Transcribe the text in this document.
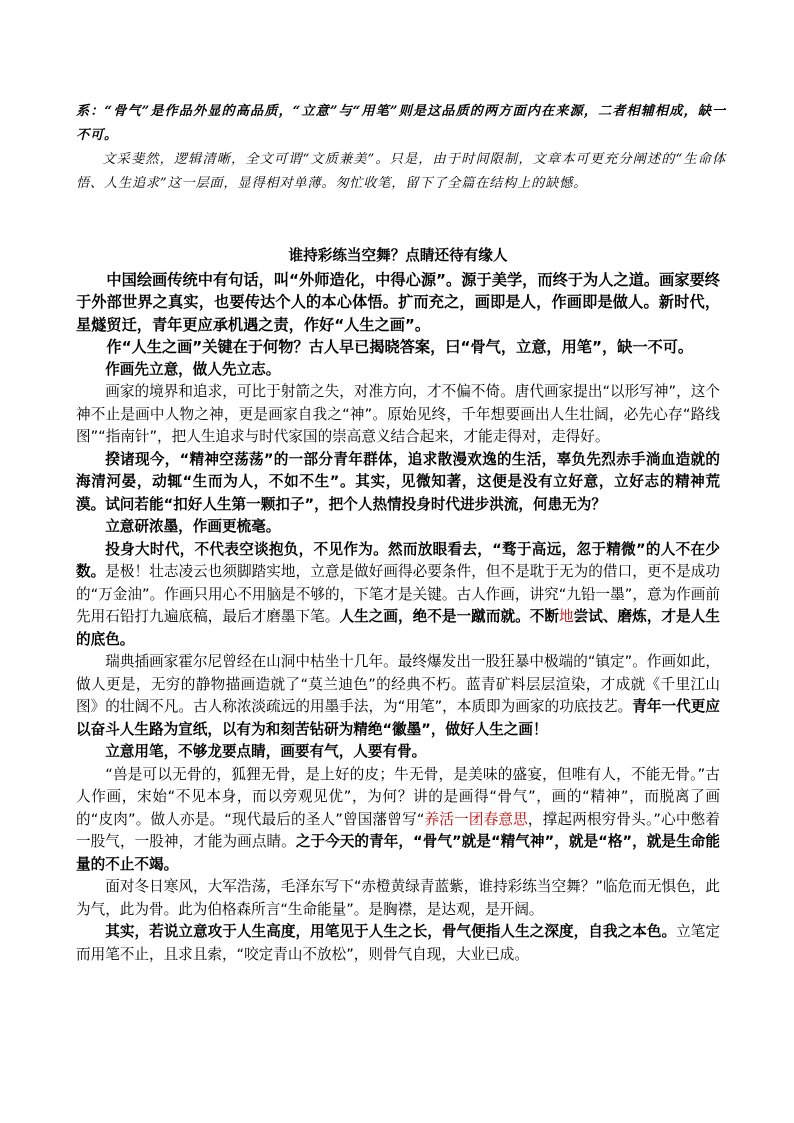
系：“骨气”是作品外显的高品质，“立意”与“用笔”则是这品质的两方面内在来源，二者相辅相成，缺一不可。

文采斐然，逻辑清晰，全文可谓“文质兼美”。只是，由于时间限制，文章本可更充分阐述的“生命体悟、人生追求”这一层面，显得相对单薄。匆忙收笔，留下了全篇在结构上的缺憾。

谁持彩练当空舞？点睛还待有缘人

中国绘画传统中有句话，叫“外师造化，中得心源”。源于美学，而终于为人之道。画家要终于外部世界之真实，也要传达个人的本心体悟。扩而充之，画即是人，作画即是做人。新时代，星燧贸迁，青年更应承机遇之责，作好“人生之画”。

作“人生之画”关键在于何物？古人早已揭晓答案，曰“骨气，立意，用笔”，缺一不可。

作画先立意，做人先立志。

画家的境界和追求，可比于射箭之失，对准方向，才不偏不倚。唐代画家提出“以形写神”，这个神不止是画中人物之神，更是画家自我之“神”。原始见终，千年想要画出人生壮阔，必先心存“路线图”“指南针”，把人生追求与时代家国的崇高意义结合起来，才能走得对，走得好。

揆诸现今，“精神空荡荡”的一部分青年群体，追求散漫欢逸的生活，辜负先烈赤手淌血造就的海清河晏，动辄“生而为人，不如不生”。其实，见微知著，这便是没有立好意，立好志的精神荒漠。试问若能“扣好人生第一颗扣子”，把个人热情投身时代进步洪流，何患无为？

立意研浓墨，作画更梳毫。

投身大时代，不代表空谈抱负，不见作为。然而放眼看去，“骛于高远，忽于精微”的人不在少数。是极！壮志凌云也须脚踏实地，立意是做好画得必要条件，但不是耽于无为的借口，更不是成功的“万金油”。作画只用心不用脑是不够的，下笔才是关键。古人作画，讲究“九铅一墨”，意为作画前先用石铅打九遍底稿，最后才磨墨下笔。人生之画，绝不是一蹴而就。不断地尝试、磨炼，才是人生的底色。

瑞典插画家霍尔尼曾经在山洞中枯坐十几年。最终爆发出一股狂暴中极端的“镇定”。作画如此，做人更是，无穷的静物描画造就了“莫兰迪色”的经典不朽。蓝青矿料层层渲染，才成就《千里江山图》的壮阔不凡。古人称浓淡疏远的用墨手法，为“用笔”，本质即为画家的功底技艺。青年一代更应以奋斗人生路为宣纸，以有为和刻苦钻研为精绝“徽墨”，做好人生之画！

立意用笔，不够龙要点睛，画要有气，人要有骨。

“兽是可以无骨的，狐狸无骨，是上好的皮；牛无骨，是美味的盛宴，但唯有人，不能无骨。”古人作画，宋始“不见本身，而以旁观见优”，为何？讲的是画得“骨气”，画的“精神”，而脱离了画的“皮肉”。做人亦是。“现代最后的圣人”曾国藩曾写“养活一团春意思，撑起两根穷骨头。”心中憋着一股气，一股神，才能为画点睛。之于今天的青年，“骨气”就是“精气神”，就是“格”，就是生命能量的不止不竭。

面对冬日寒风，大军浩荡，毛泽东写下“赤橙黄绿青蓝紫，谁持彩练当空舞？”临危而无惧色，此为气，此为骨。此为伯格森所言“生命能量”。是胸襟，是达观，是开阔。

其实，若说立意攻于人生高度，用笔见于人生之长，骨气便指人生之深度，自我之本色。立笔定而用笔不止，且求且索，“咬定青山不放松”，则骨气自现，大业已成。
